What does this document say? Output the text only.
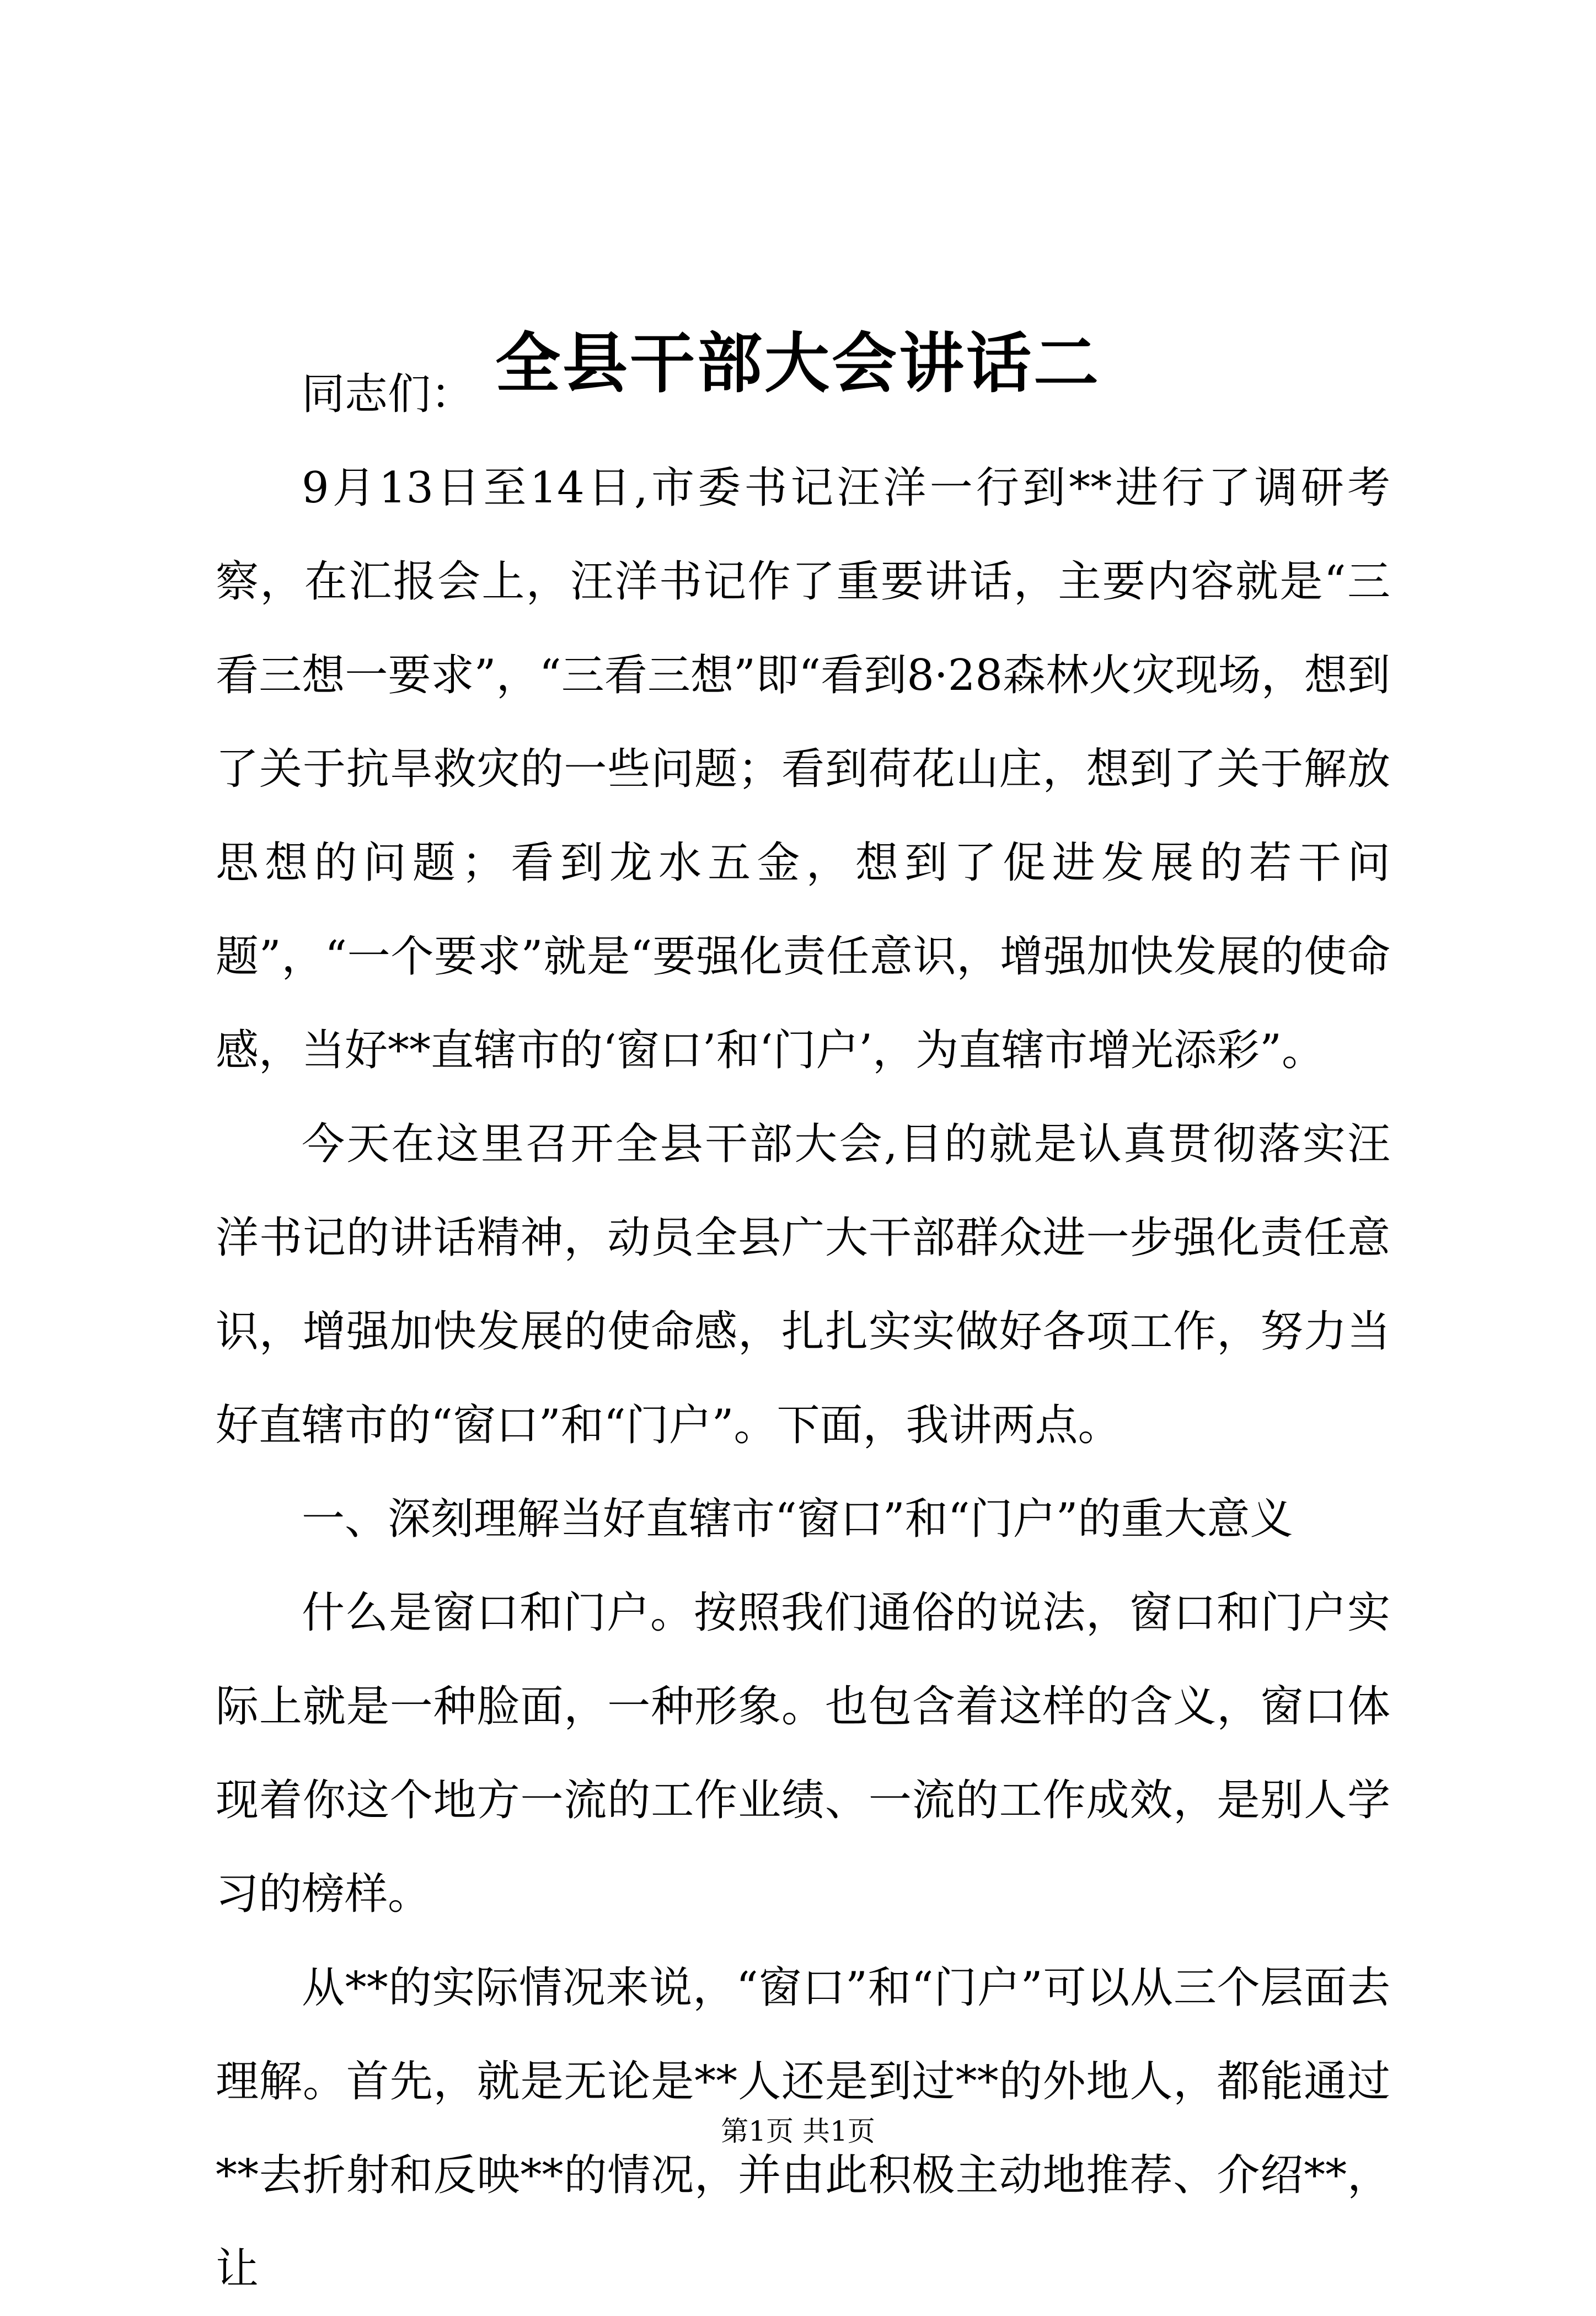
全县干部大会讲话二

同志们：

9月13日至14日,市委书记汪洋一行到**进行了调研考察，在汇报会上，汪洋书记作了重要讲话，主要内容就是“三看三想一要求”，“三看三想”即“看到8·28森林火灾现场，想到了关于抗旱救灾的一些问题；看到荷花山庄，想到了关于解放思想的问题；看到龙水五金，想到了促进发展的若干问题”，“一个要求”就是“要强化责任意识，增强加快发展的使命感，当好**直辖市的‘窗口’和‘门户’，为直辖市增光添彩”。

今天在这里召开全县干部大会,目的就是认真贯彻落实汪洋书记的讲话精神，动员全县广大干部群众进一步强化责任意识，增强加快发展的使命感，扎扎实实做好各项工作，努力当好直辖市的“窗口”和“门户”。下面，我讲两点。

一、深刻理解当好直辖市“窗口”和“门户”的重大意义

什么是窗口和门户。按照我们通俗的说法，窗口和门户实际上就是一种脸面，一种形象。也包含着这样的含义，窗口体现着你这个地方一流的工作业绩、一流的工作成效，是别人学习的榜样。

从**的实际情况来说，“窗口”和“门户”可以从三个层面去理解。首先，就是无论是**人还是到过**的外地人，都能通过**去折射和反映**的情况，并由此积极主动地推荐、介绍**，让

第1页 共1页
